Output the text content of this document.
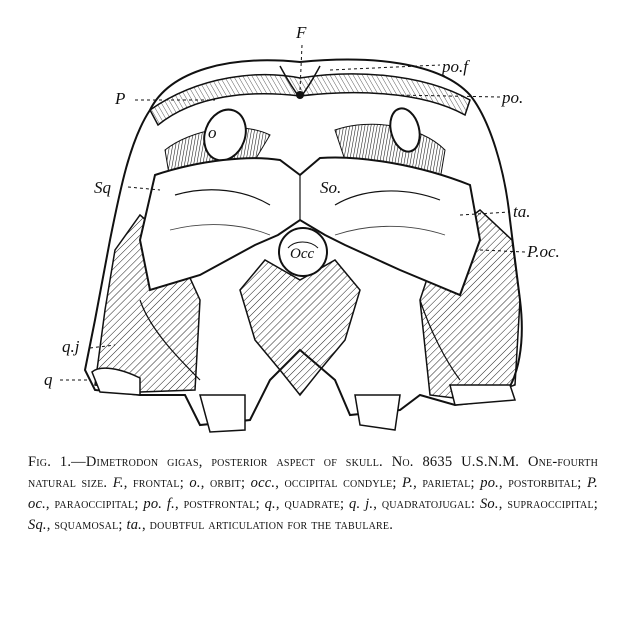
F
po.f
P	po.
o
Sq	So.
ta.
Occ	P.oc.
q.j
q
Fig. 1.—Dimetrodon gigas, posterior aspect of skull. No. 8635 U.S.N.M. One-fourth natural size. F., frontal; o., orbit; occ., occipital condyle; P., parietal; po., postorbital; P. oc., paraoccipital; po. f., postfrontal; q., quadrate; q. j., quadratojugal: So., supraoccipital; Sq., squamosal; ta., doubtful articulation for the tabulare.
